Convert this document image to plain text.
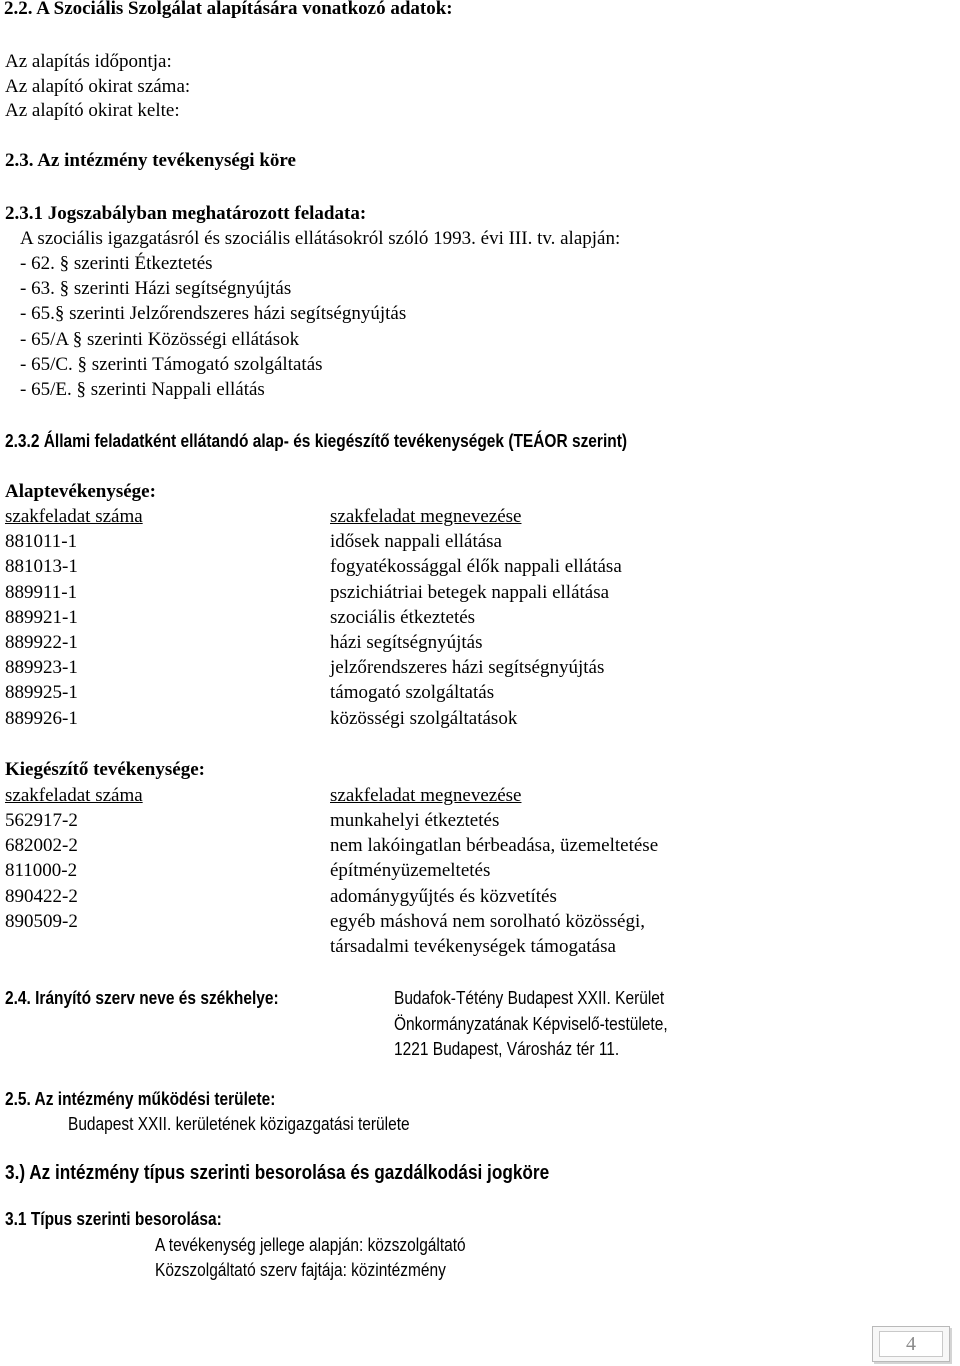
2.2. A Szociális Szolgálat alapítására vonatkozó adatok:
Az alapítás időpontja:
Az alapító okirat száma:
Az alapító okirat kelte:
2.3. Az intézmény tevékenységi köre
2.3.1 Jogszabályban meghatározott feladata:
A szociális igazgatásról és szociális ellátásokról szóló 1993. évi III. tv. alapján:
- 62. § szerinti Étkeztetés
- 63. § szerinti Házi segítségnyújtás
- 65.§ szerinti Jelzőrendszeres házi segítségnyújtás
- 65/A § szerinti Közösségi ellátások
- 65/C. § szerinti Támogató szolgáltatás
- 65/E. § szerinti Nappali ellátás
2.3.2 Állami feladatként ellátandó alap- és kiegészítő tevékenységek (TEÁOR szerint)
Alaptevékenysége:
szakfeladat száma	szakfeladat megnevezése
881011-1	idősek nappali ellátása
881013-1	fogyatékossággal élők nappali ellátása
889911-1	pszichiátriai betegek nappali ellátása
889921-1	szociális étkeztetés
889922-1	házi segítségnyújtás
889923-1	jelzőrendszeres házi segítségnyújtás
889925-1	támogató szolgáltatás
889926-1	közösségi szolgáltatások
Kiegészítő tevékenysége:
szakfeladat száma	szakfeladat megnevezése
562917-2	munkahelyi étkeztetés
682002-2	nem lakóingatlan bérbeadása, üzemeltetése
811000-2	építményüzemeltetés
890422-2	adománygyűjtés és közvetítés
890509-2	egyéb máshová nem sorolható közösségi,
társadalmi tevékenységek támogatása
2.4. Irányító szerv neve és székhelye:	Budafok-Tétény Budapest XXII. Kerület
Önkormányzatának Képviselő-testülete,
1221 Budapest, Városház tér 11.
2.5. Az intézmény működési területe:
Budapest XXII. kerületének közigazgatási területe
3.) Az intézmény típus szerinti besorolása és gazdálkodási jogköre
3.1 Típus szerinti besorolása:
A tevékenység jellege alapján: közszolgáltató
Közszolgáltató szerv fajtája: közintézmény
4
